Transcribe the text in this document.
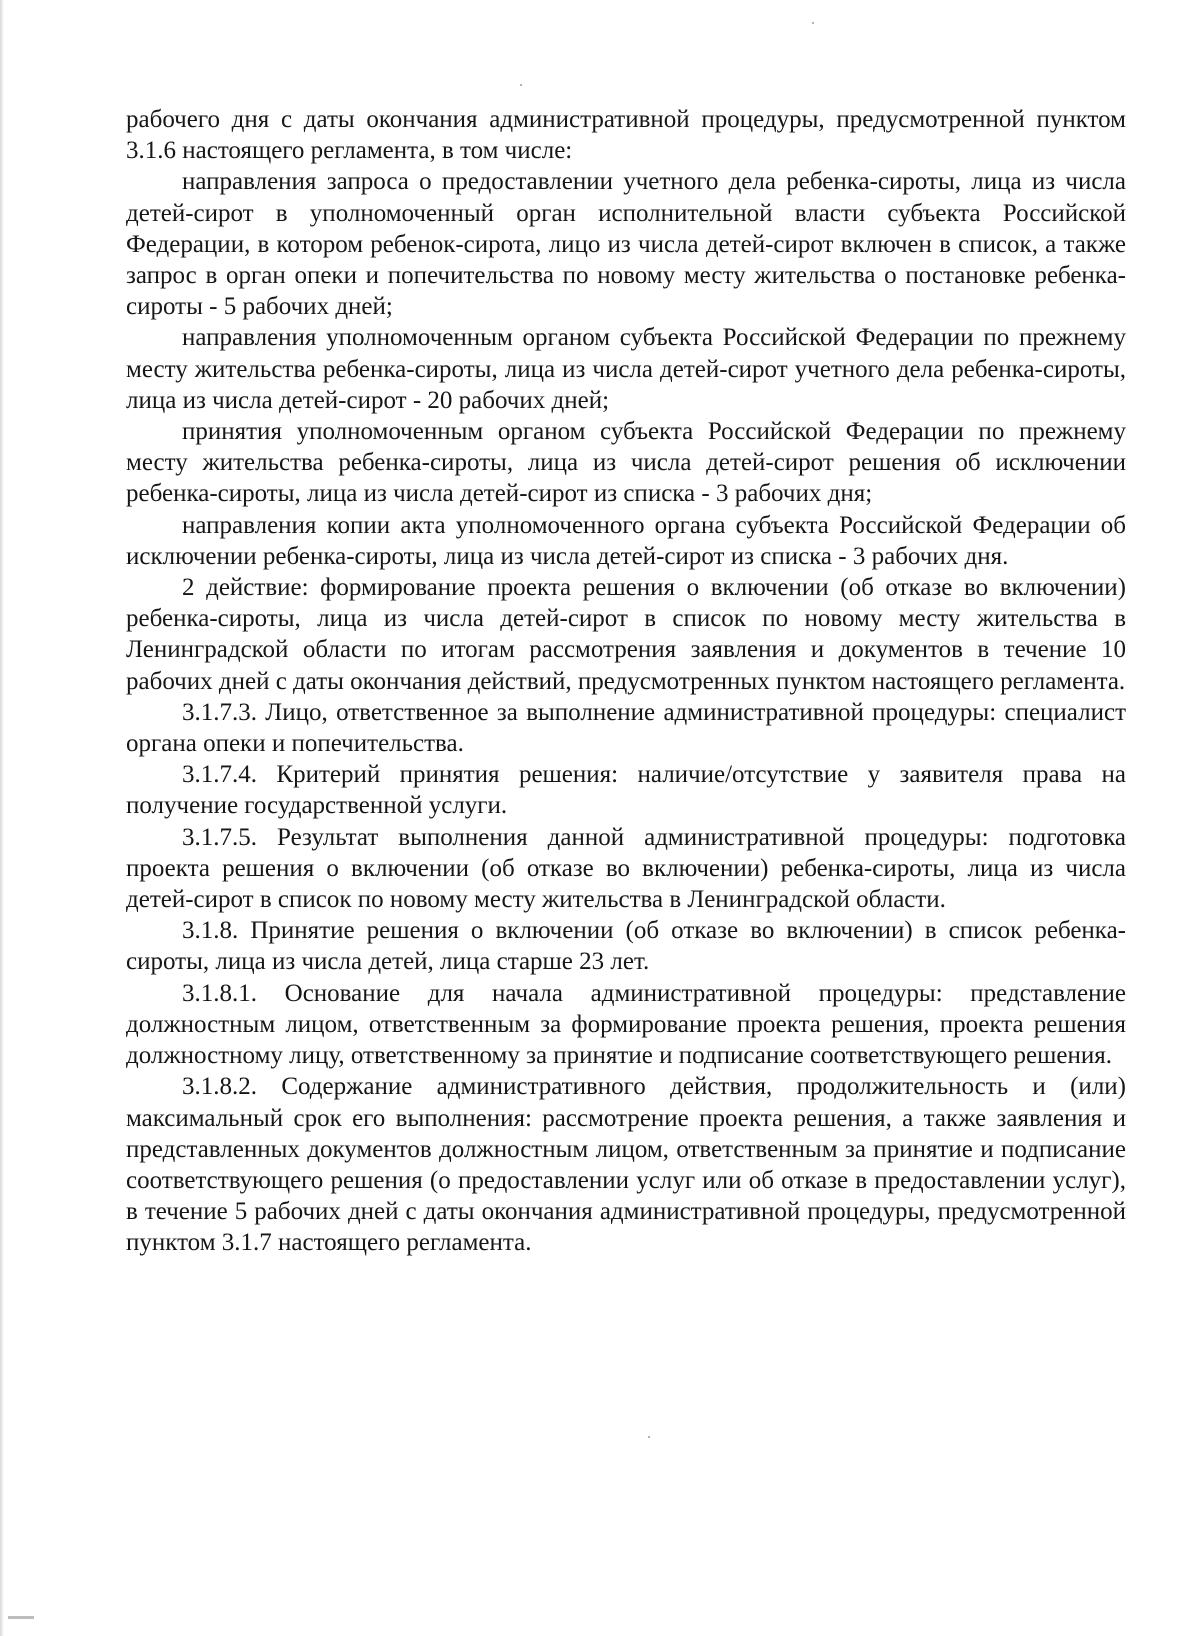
рабочего дня с даты окончания административной процедуры, предусмотренной пунктом 3.1.6 настоящего регламента, в том числе:

направления запроса о предоставлении учетного дела ребенка-сироты, лица из числа детей-сирот в уполномоченный орган исполнительной власти субъекта Российской Федерации, в котором ребенок-сирота, лицо из числа детей-сирот включен в список, а также запрос в орган опеки и попечительства по новому месту жительства о постановке ребенка-сироты - 5 рабочих дней;

направления уполномоченным органом субъекта Российской Федерации по прежнему месту жительства ребенка-сироты, лица из числа детей-сирот учетного дела ребенка-сироты, лица из числа детей-сирот - 20 рабочих дней;

принятия уполномоченным органом субъекта Российской Федерации по прежнему месту жительства ребенка-сироты, лица из числа детей-сирот решения об исключении ребенка-сироты, лица из числа детей-сирот из списка - 3 рабочих дня;

направления копии акта уполномоченного органа субъекта Российской Федерации об исключении ребенка-сироты, лица из числа детей-сирот из списка - 3 рабочих дня.

2 действие: формирование проекта решения о включении (об отказе во включении) ребенка-сироты, лица из числа детей-сирот в список по новому месту жительства в Ленинградской области по итогам рассмотрения заявления и документов в течение 10 рабочих дней с даты окончания действий, предусмотренных пунктом настоящего регламента.

3.1.7.3. Лицо, ответственное за выполнение административной процедуры: специалист органа опеки и попечительства.

3.1.7.4. Критерий принятия решения: наличие/отсутствие у заявителя права на получение государственной услуги.

3.1.7.5. Результат выполнения данной административной процедуры: подготовка проекта решения о включении (об отказе во включении) ребенка-сироты, лица из числа детей-сирот в список по новому месту жительства в Ленинградской области.

3.1.8. Принятие решения о включении (об отказе во включении) в список ребенка-сироты, лица из числа детей, лица старше 23 лет.

3.1.8.1. Основание для начала административной процедуры: представление должностным лицом, ответственным за формирование проекта решения, проекта решения должностному лицу, ответственному за принятие и подписание соответствующего решения.

3.1.8.2. Содержание административного действия, продолжительность и (или) максимальный срок его выполнения: рассмотрение проекта решения, а также заявления и представленных документов должностным лицом, ответственным за принятие и подписание соответствующего решения (о предоставлении услуг или об отказе в предоставлении услуг), в течение 5 рабочих дней с даты окончания административной процедуры, предусмотренной пунктом 3.1.7 настоящего регламента.
